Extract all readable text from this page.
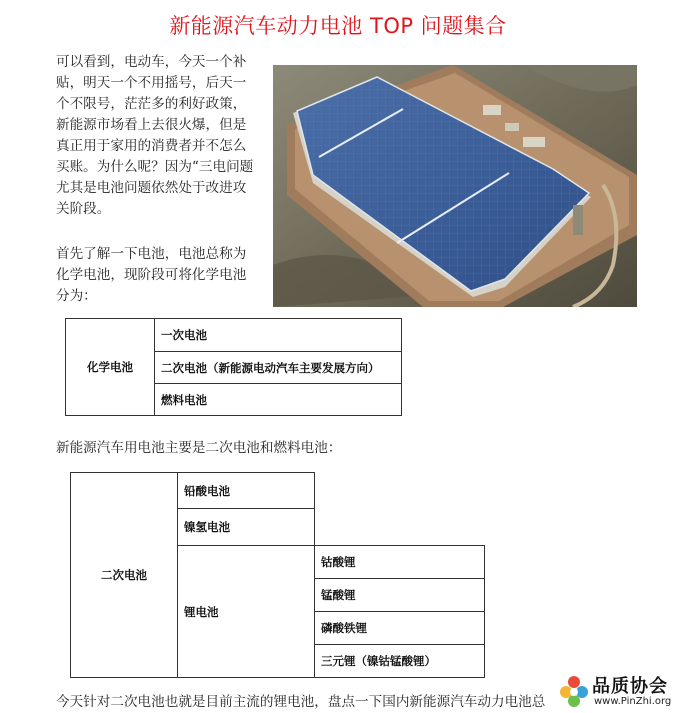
新能源汽车动力电池 TOP 问题集合
可以看到，电动车，今天一个补
贴，明天一个不用摇号，后天一
个不限号，茫茫多的利好政策，
新能源市场看上去很火爆，但是
真正用于家用的消费者并不怎么
买账。为什么呢？因为“三电问题
尤其是电池问题依然处于改进攻
关阶段。
首先了解一下电池，电池总称为
化学电池，现阶段可将化学电池
分为：
化学电池	一次电池
二次电池（新能源电动汽车主要发展方向）
燃料电池
新能源汽车用电池主要是二次电池和燃料电池：
二次电池	铅酸电池	
	镍氢电池	
	锂电池	钴酸锂
		锰酸锂
		磷酸铁锂
		三元锂（镍钴锰酸锂）
今天针对二次电池也就是目前主流的锂电池，盘点一下国内新能源汽车动力电池总
品质协会
www.PinZhi.org
